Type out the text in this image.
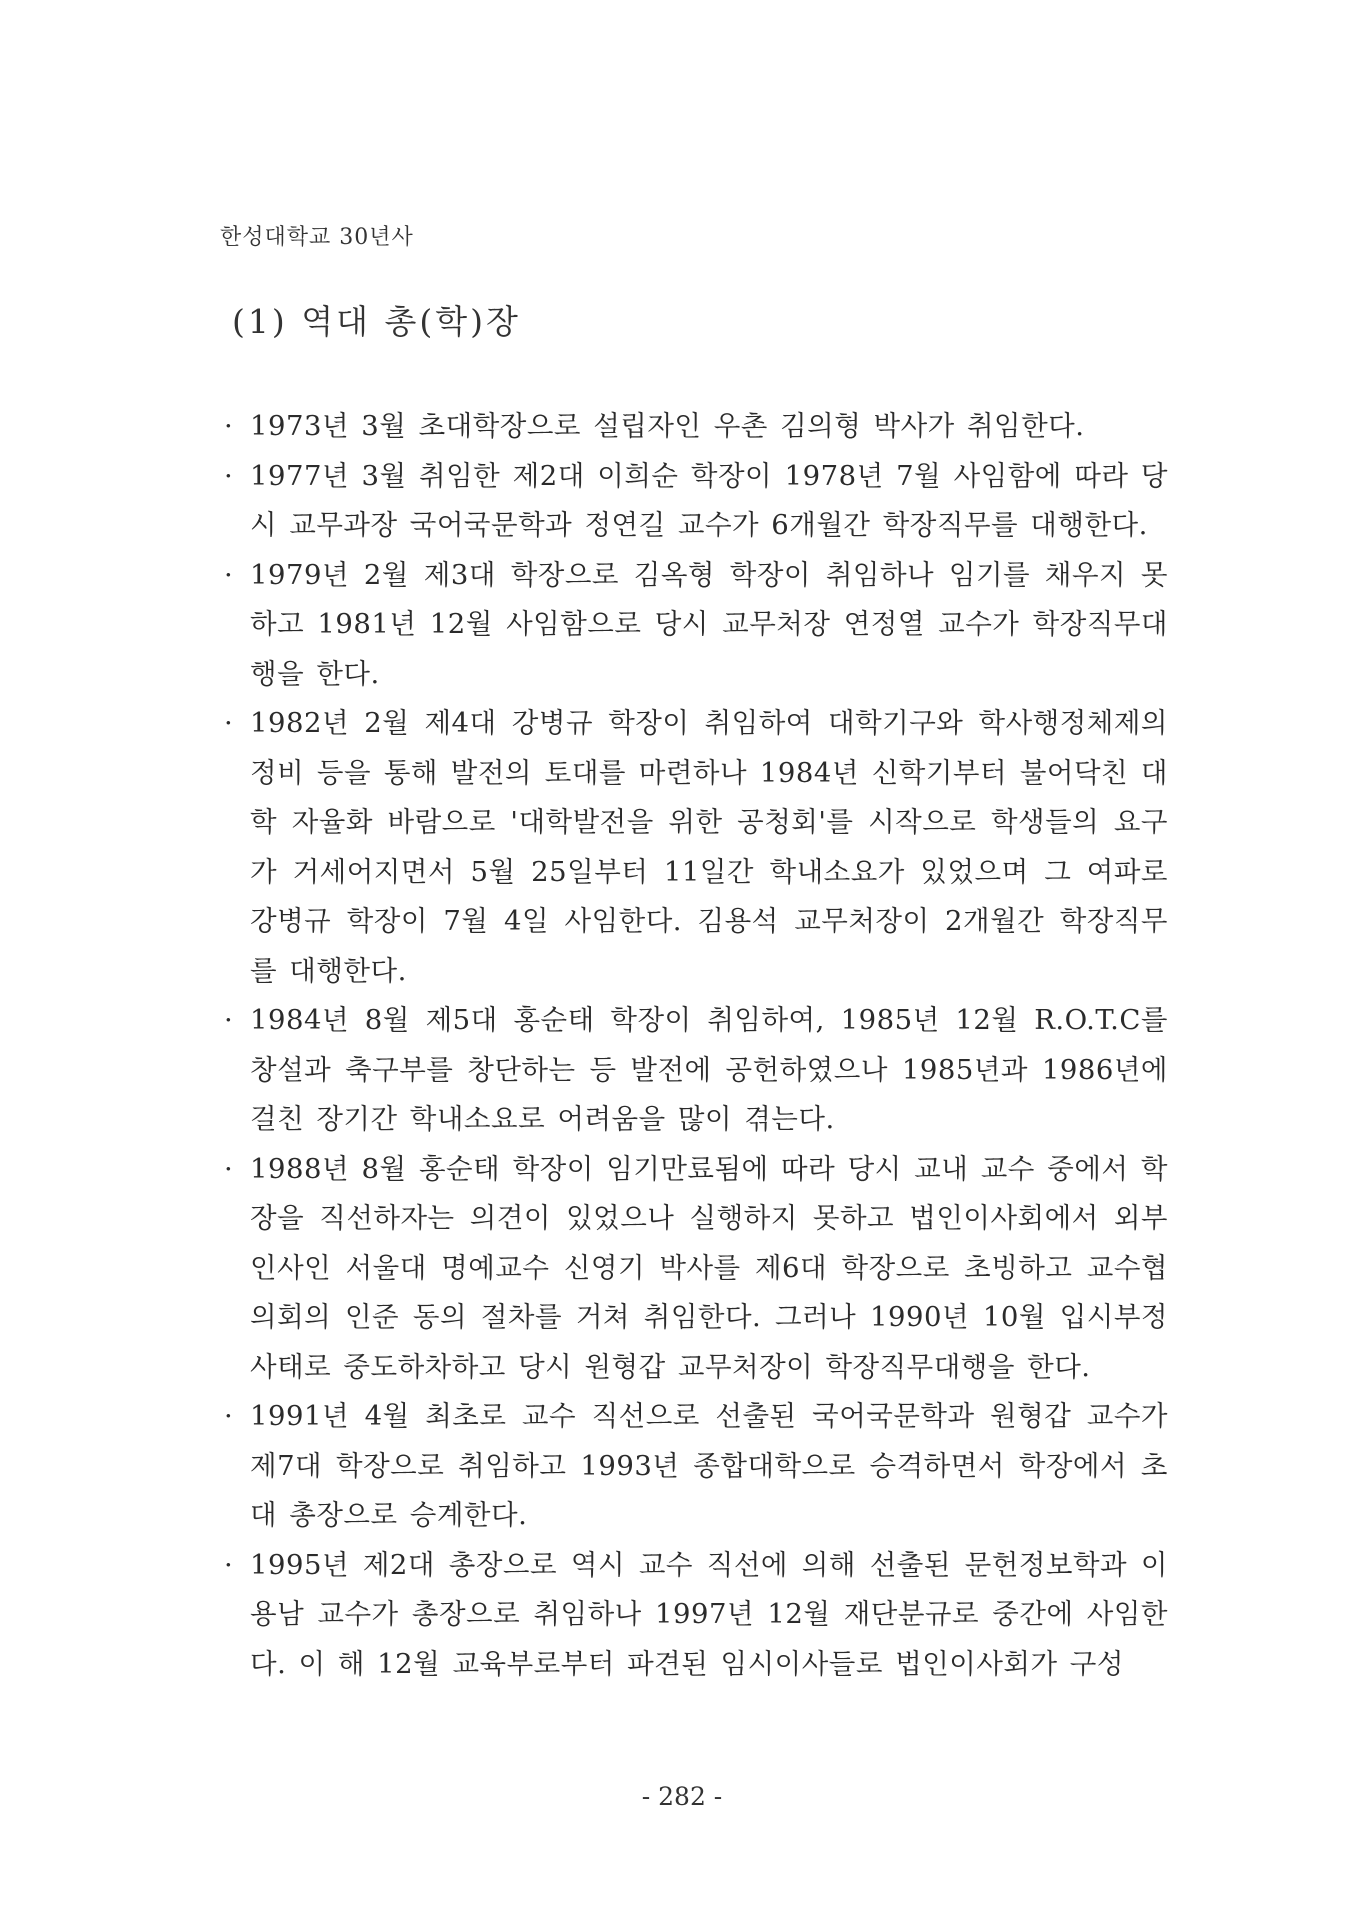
한성대학교 30년사
(1) 역대 총(학)장
· 1973년 3월 초대학장으로 설립자인 우촌 김의형 박사가 취임한다.
· 1977년 3월 취임한 제2대 이희순 학장이 1978년 7월 사임함에 따라 당시 교무과장 국어국문학과 정연길 교수가 6개월간 학장직무를 대행한다.
· 1979년 2월 제3대 학장으로 김옥형 학장이 취임하나 임기를 채우지 못하고 1981년 12월 사임함으로 당시 교무처장 연정열 교수가 학장직무대행을 한다.
· 1982년 2월 제4대 강병규 학장이 취임하여 대학기구와 학사행정체제의 정비 등을 통해 발전의 토대를 마련하나 1984년 신학기부터 불어닥친 대학 자율화 바람으로 '대학발전을 위한 공청회'를 시작으로 학생들의 요구가 거세어지면서 5월 25일부터 11일간 학내소요가 있었으며 그 여파로 강병규 학장이 7월 4일 사임한다. 김용석 교무처장이 2개월간 학장직무를 대행한다.
· 1984년 8월 제5대 홍순태 학장이 취임하여, 1985년 12월 R.O.T.C를 창설과 축구부를 창단하는 등 발전에 공헌하였으나 1985년과 1986년에 걸친 장기간 학내소요로 어려움을 많이 겪는다.
· 1988년 8월 홍순태 학장이 임기만료됨에 따라 당시 교내 교수 중에서 학장을 직선하자는 의견이 있었으나 실행하지 못하고 법인이사회에서 외부인사인 서울대 명예교수 신영기 박사를 제6대 학장으로 초빙하고 교수협의회의 인준 동의 절차를 거쳐 취임한다. 그러나 1990년 10월 입시부정사태로 중도하차하고 당시 원형갑 교무처장이 학장직무대행을 한다.
· 1991년 4월 최초로 교수 직선으로 선출된 국어국문학과 원형갑 교수가 제7대 학장으로 취임하고 1993년 종합대학으로 승격하면서 학장에서 초대 총장으로 승계한다.
· 1995년 제2대 총장으로 역시 교수 직선에 의해 선출된 문헌정보학과 이용남 교수가 총장으로 취임하나 1997년 12월 재단분규로 중간에 사임한다. 이 해 12월 교육부로부터 파견된 임시이사들로 법인이사회가 구성
- 282 -
